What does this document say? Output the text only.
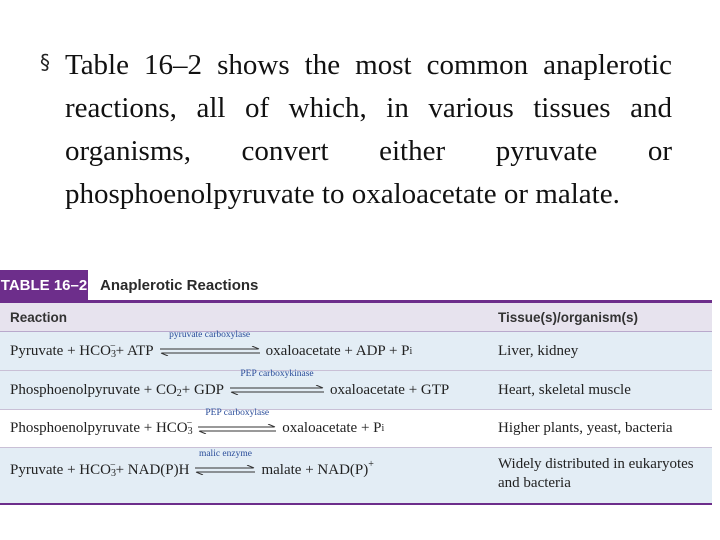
§ Table 16–2 shows the most common anaplerotic reactions, all of which, in various tissues and organisms, convert either pyruvate or phosphoenolpyruvate to oxaloacetate or malate.
TABLE 16–2 Anaplerotic Reactions
Reaction	Tissue(s)/organism(s)
Pyruvate + $HCO_3$
− + ATP
pyruvate carboxylase
oxaloacetate + ADP + P i	Liver, kidney
Phosphoenolpyruvate + $CO_2$ + GDP
PEP carboxykinase
oxaloacetate + GTP	Heart, skeletal muscle
Phosphoenolpyruvate + $HCO_3$
−
PEP carboxylase
oxaloacetate + P i	Higher plants, yeast, bacteria
Pyruvate + $HCO_3$
− + NAD(P)H
malic enzyme
malate + NAD(P)+	Widely distributed in eukaryotes and bacteria
